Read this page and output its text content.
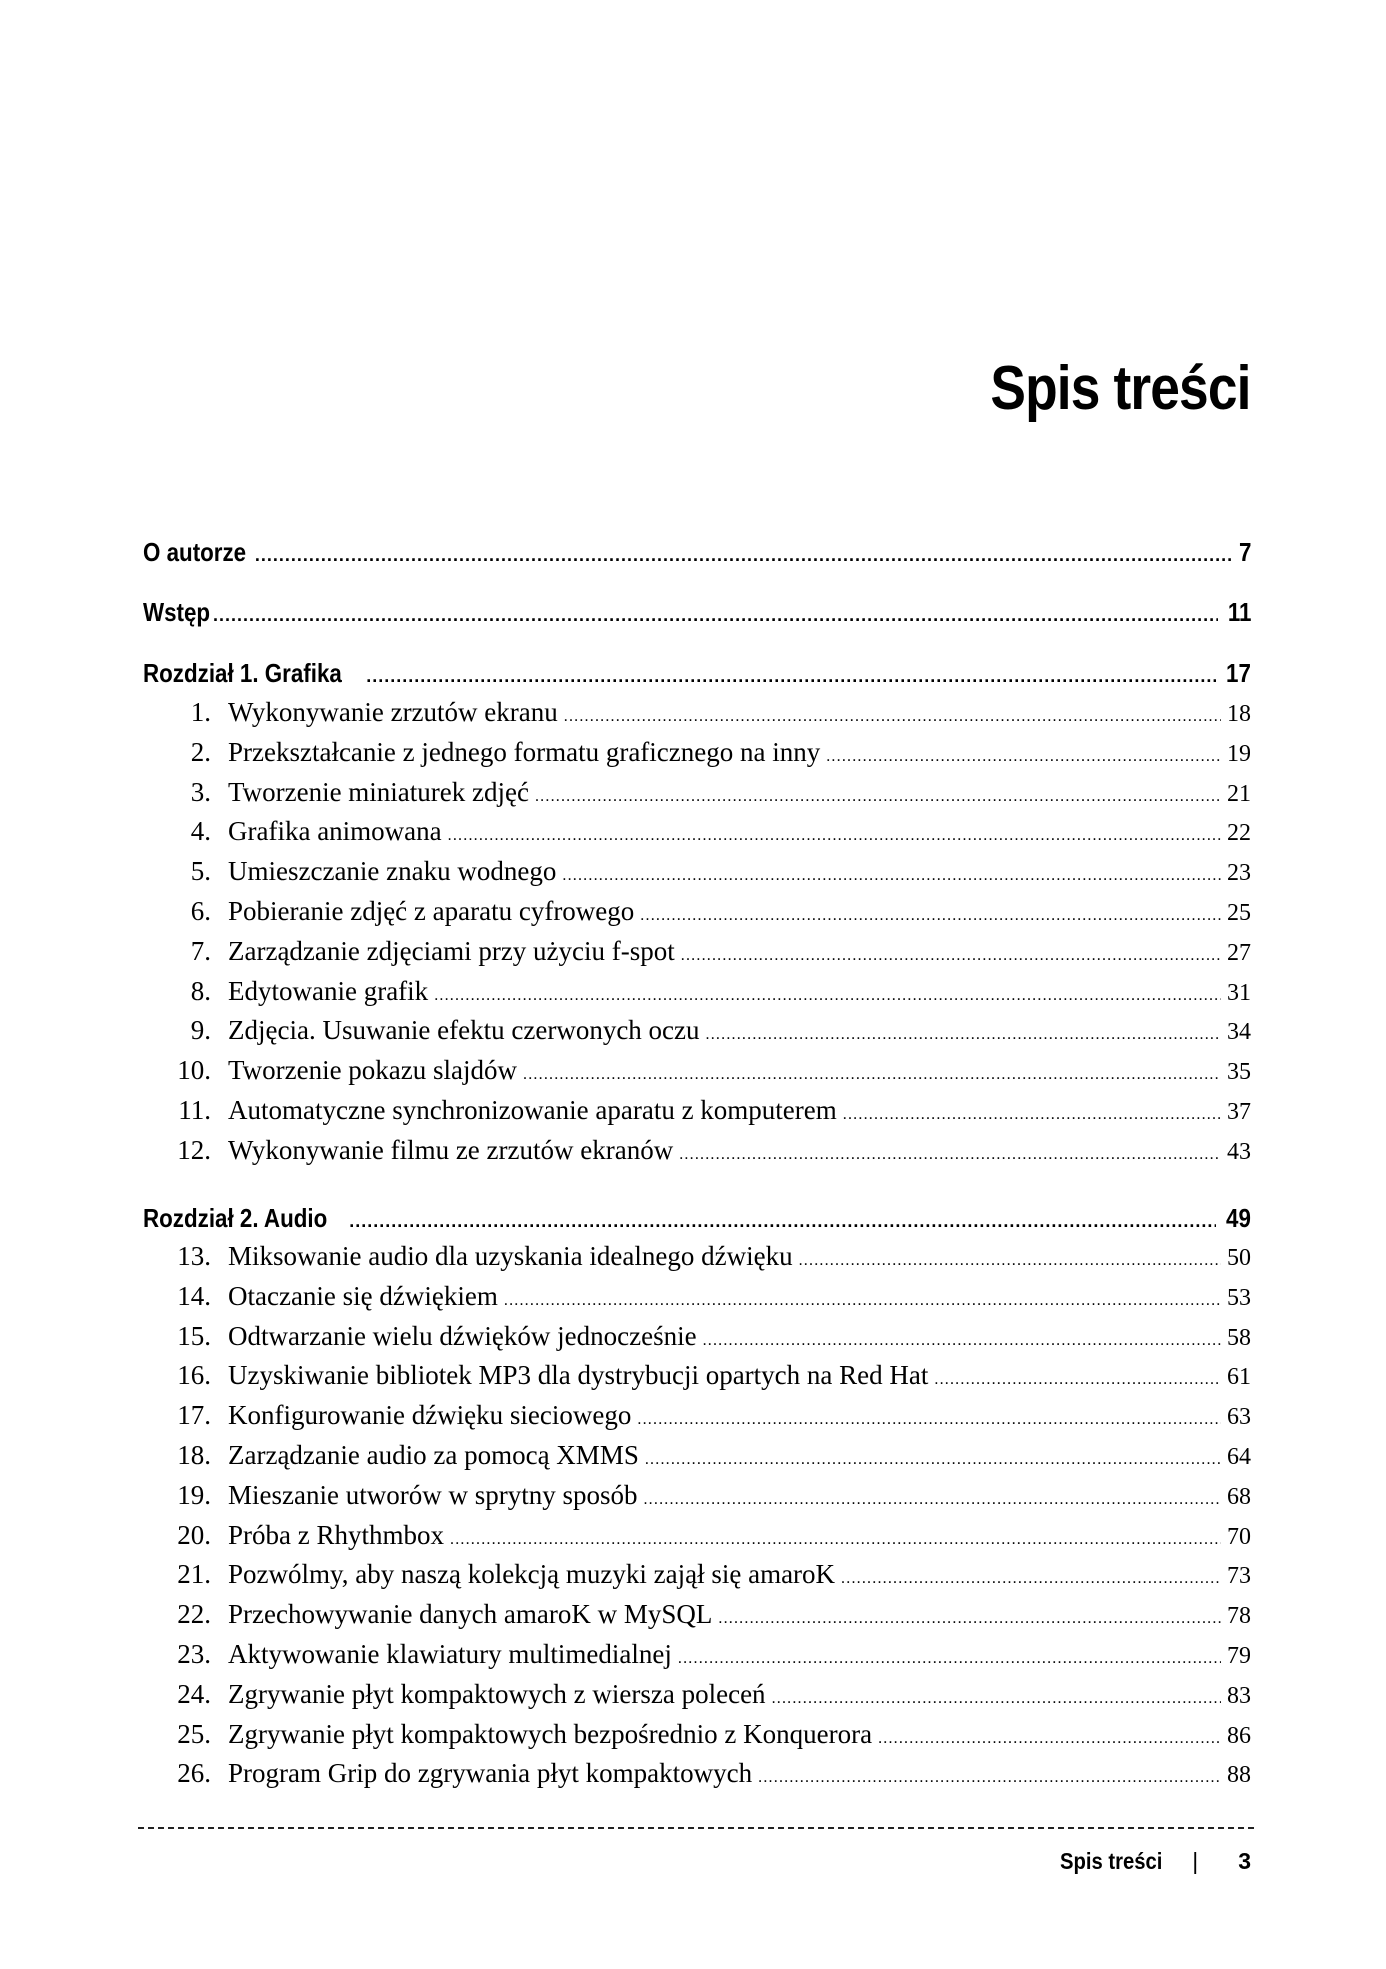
Spis treści
O autorze .....	7
Wstęp .....	11
Rozdział 1. Grafika .....	17
1. Wykonywanie zrzutów ekranu .....	18
2. Przekształcanie z jednego formatu graficznego na inny .....	19
3. Tworzenie miniaturek zdjęć .....	21
4. Grafika animowana .....	22
5. Umieszczanie znaku wodnego .....	23
6. Pobieranie zdjęć z aparatu cyfrowego .....	25
7. Zarządzanie zdjęciami przy użyciu f-spot .....	27
8. Edytowanie grafik .....	31
9. Zdjęcia. Usuwanie efektu czerwonych oczu .....	34
10. Tworzenie pokazu slajdów .....	35
11. Automatyczne synchronizowanie aparatu z komputerem .....	37
12. Wykonywanie filmu ze zrzutów ekranów .....	43
Rozdział 2. Audio .....	49
13. Miksowanie audio dla uzyskania idealnego dźwięku .....	50
14. Otaczanie się dźwiękiem .....	53
15. Odtwarzanie wielu dźwięków jednocześnie .....	58
16. Uzyskiwanie bibliotek MP3 dla dystrybucji opartych na Red Hat .....	61
17. Konfigurowanie dźwięku sieciowego .....	63
18. Zarządzanie audio za pomocą XMMS .....	64
19. Mieszanie utworów w sprytny sposób .....	68
20. Próba z Rhythmbox .....	70
21. Pozwólmy, aby naszą kolekcją muzyki zajął się amaroK .....	73
22. Przechowywanie danych amaroK w MySQL .....	78
23. Aktywowanie klawiatury multimedialnej .....	79
24. Zgrywanie płyt kompaktowych z wiersza poleceń .....	83
25. Zgrywanie płyt kompaktowych bezpośrednio z Konquerora .....	86
26. Program Grip do zgrywania płyt kompaktowych .....	88
Spis treści | 3
